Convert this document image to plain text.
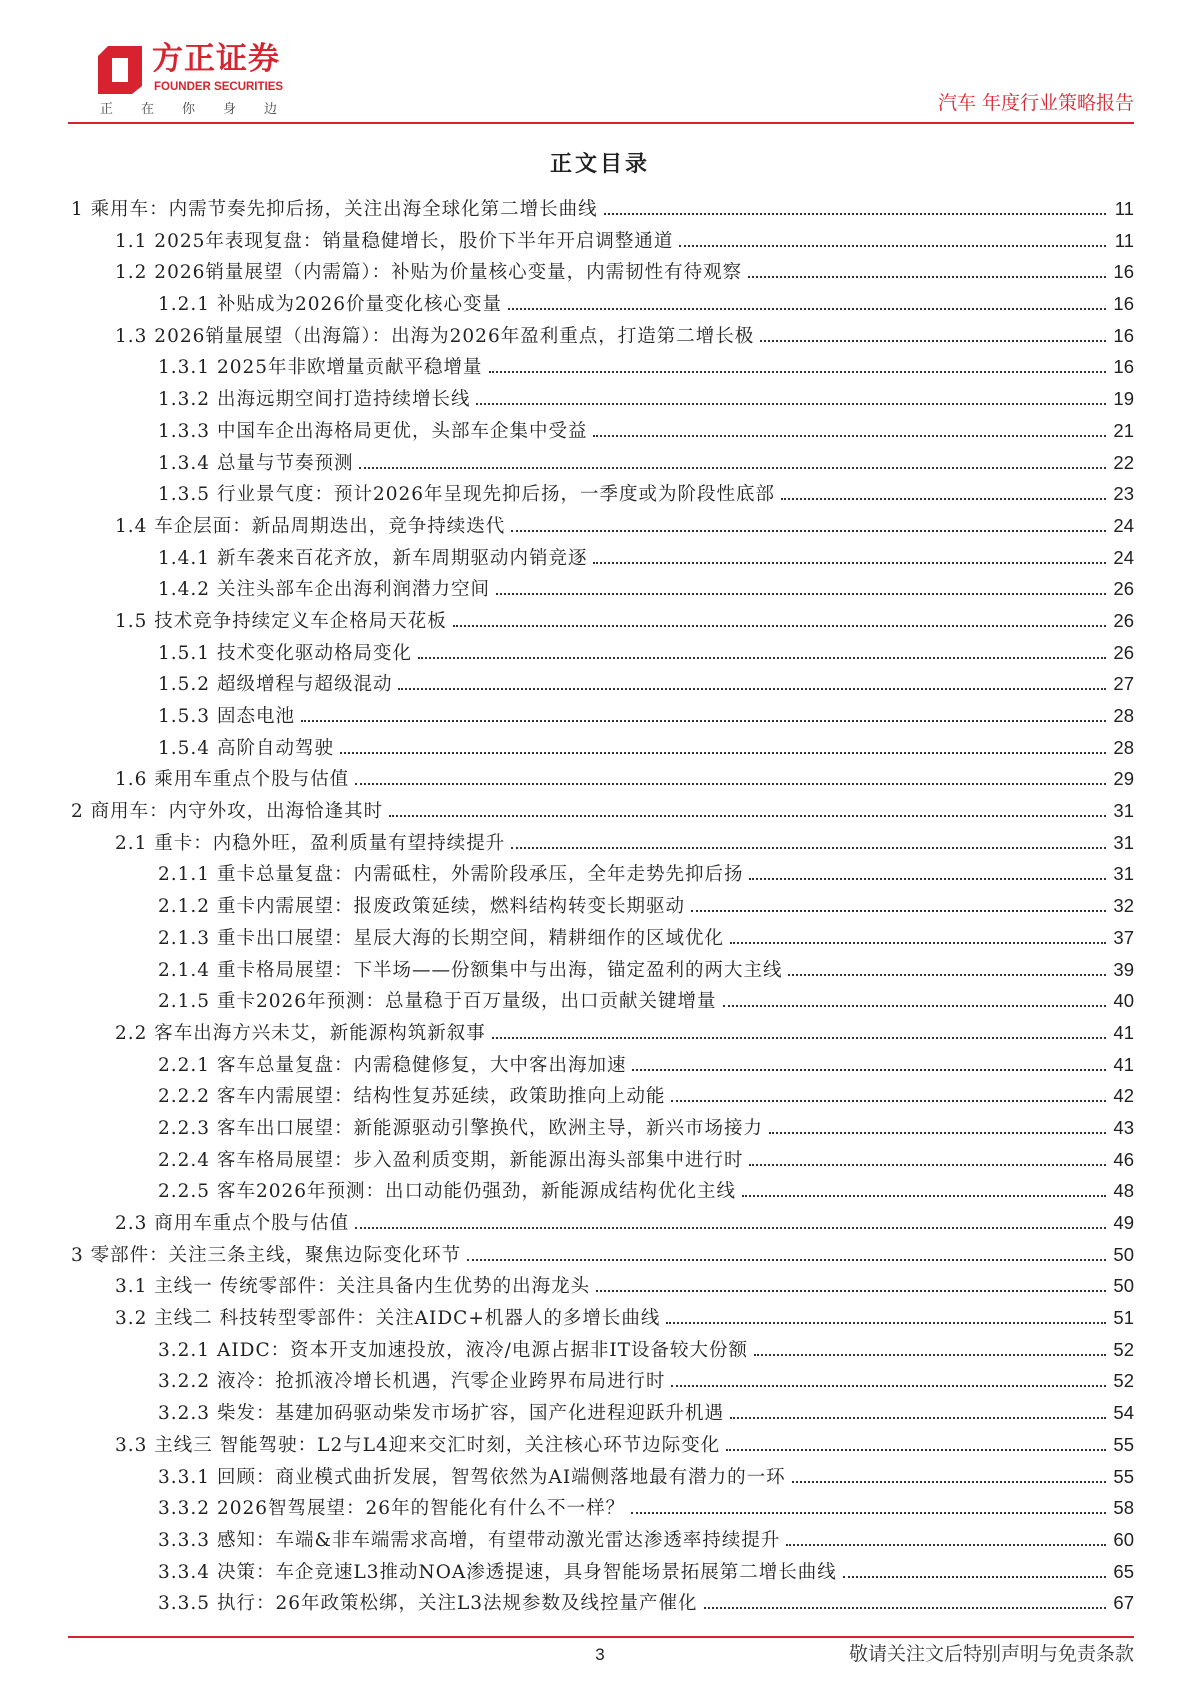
方正证券
FOUNDER SECURITIES
正在你身边	汽车 年度行业策略报告
正文目录
1 乘用车：内需节奏先抑后扬，关注出海全球化第二增长曲线	11
1.1 2025年表现复盘：销量稳健增长，股价下半年开启调整通道	11
1.2 2026销量展望（内需篇）：补贴为价量核心变量，内需韧性有待观察	16
1.2.1 补贴成为2026价量变化核心变量	16
1.3 2026销量展望（出海篇）：出海为2026年盈利重点，打造第二增长极	16
1.3.1 2025年非欧增量贡献平稳增量	16
1.3.2 出海远期空间打造持续增长线	19
1.3.3 中国车企出海格局更优，头部车企集中受益	21
1.3.4 总量与节奏预测	22
1.3.5 行业景气度：预计2026年呈现先抑后扬，一季度或为阶段性底部	23
1.4 车企层面：新品周期迭出，竞争持续迭代	24
1.4.1 新车袭来百花齐放，新车周期驱动内销竞逐	24
1.4.2 关注头部车企出海利润潜力空间	26
1.5 技术竞争持续定义车企格局天花板	26
1.5.1 技术变化驱动格局变化	26
1.5.2 超级增程与超级混动	27
1.5.3 固态电池	28
1.5.4 高阶自动驾驶	28
1.6 乘用车重点个股与估值	29
2 商用车：内守外攻，出海恰逢其时	31
2.1 重卡：内稳外旺，盈利质量有望持续提升	31
2.1.1 重卡总量复盘：内需砥柱，外需阶段承压，全年走势先抑后扬	31
2.1.2 重卡内需展望：报废政策延续，燃料结构转变长期驱动	32
2.1.3 重卡出口展望：星辰大海的长期空间，精耕细作的区域优化	37
2.1.4 重卡格局展望：下半场——份额集中与出海，锚定盈利的两大主线	39
2.1.5 重卡2026年预测：总量稳于百万量级，出口贡献关键增量	40
2.2 客车出海方兴未艾，新能源构筑新叙事	41
2.2.1 客车总量复盘：内需稳健修复，大中客出海加速	41
2.2.2 客车内需展望：结构性复苏延续，政策助推向上动能	42
2.2.3 客车出口展望：新能源驱动引擎换代，欧洲主导，新兴市场接力	43
2.2.4 客车格局展望：步入盈利质变期，新能源出海头部集中进行时	46
2.2.5 客车2026年预测：出口动能仍强劲，新能源成结构优化主线	48
2.3 商用车重点个股与估值	49
3 零部件：关注三条主线，聚焦边际变化环节	50
3.1 主线一 传统零部件：关注具备内生优势的出海龙头	50
3.2 主线二 科技转型零部件：关注AIDC+机器人的多增长曲线	51
3.2.1 AIDC：资本开支加速投放，液冷/电源占据非IT设备较大份额	52
3.2.2 液冷：抢抓液冷增长机遇，汽零企业跨界布局进行时	52
3.2.3 柴发：基建加码驱动柴发市场扩容，国产化进程迎跃升机遇	54
3.3 主线三 智能驾驶：L2与L4迎来交汇时刻，关注核心环节边际变化	55
3.3.1 回顾：商业模式曲折发展，智驾依然为AI端侧落地最有潜力的一环	55
3.3.2 2026智驾展望：26年的智能化有什么不一样？	58
3.3.3 感知：车端&非车端需求高增，有望带动激光雷达渗透率持续提升	60
3.3.4 决策：车企竞速L3推动NOA渗透提速，具身智能场景拓展第二增长曲线	65
3.3.5 执行：26年政策松绑，关注L3法规参数及线控量产催化	67
3	敬请关注文后特别声明与免责条款
